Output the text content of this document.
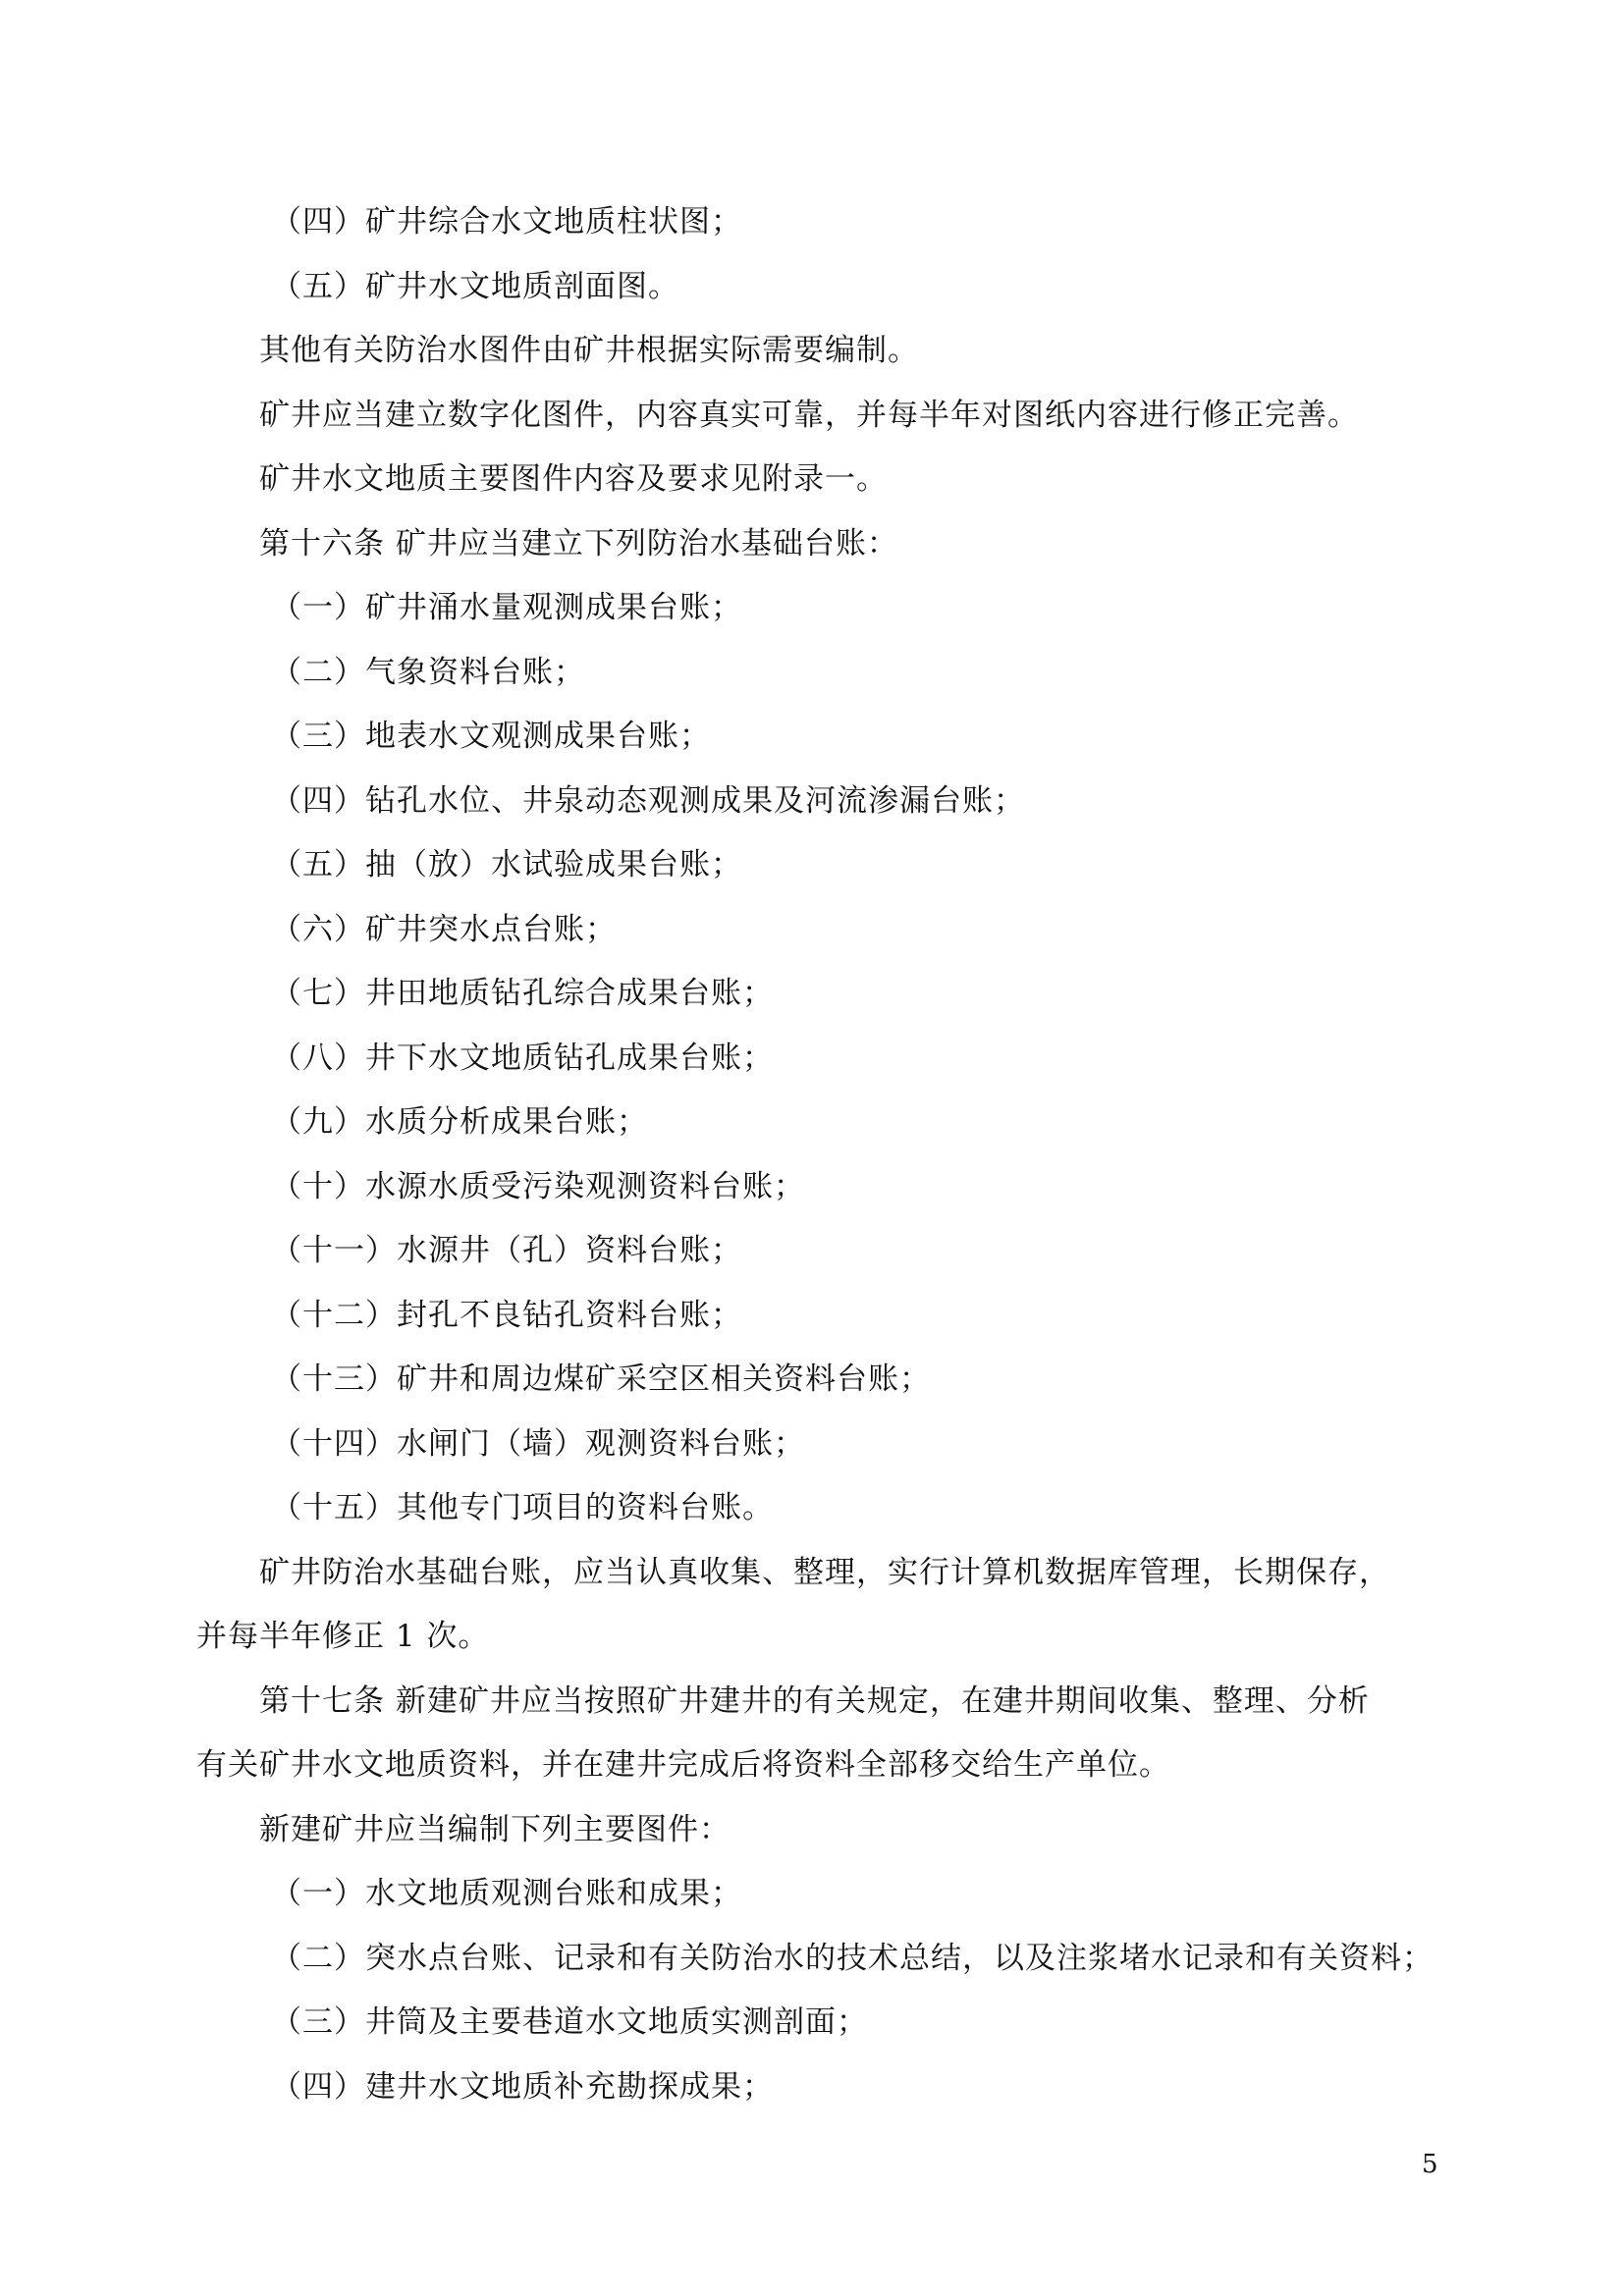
（四）矿井综合水文地质柱状图；
（五）矿井水文地质剖面图。
其他有关防治水图件由矿井根据实际需要编制。
矿井应当建立数字化图件，内容真实可靠，并每半年对图纸内容进行修正完善。
矿井水文地质主要图件内容及要求见附录一。
第十六条 矿井应当建立下列防治水基础台账：
（一）矿井涌水量观测成果台账；
（二）气象资料台账；
（三）地表水文观测成果台账；
（四）钻孔水位、井泉动态观测成果及河流渗漏台账；
（五）抽（放）水试验成果台账；
（六）矿井突水点台账；
（七）井田地质钻孔综合成果台账；
（八）井下水文地质钻孔成果台账；
（九）水质分析成果台账；
（十）水源水质受污染观测资料台账；
（十一）水源井（孔）资料台账；
（十二）封孔不良钻孔资料台账；
（十三）矿井和周边煤矿采空区相关资料台账；
（十四）水闸门（墙）观测资料台账；
（十五）其他专门项目的资料台账。
矿井防治水基础台账，应当认真收集、整理，实行计算机数据库管理，长期保存，
并每半年修正 1 次。
第十七条 新建矿井应当按照矿井建井的有关规定，在建井期间收集、整理、分析
有关矿井水文地质资料，并在建井完成后将资料全部移交给生产单位。
新建矿井应当编制下列主要图件：
（一）水文地质观测台账和成果；
（二）突水点台账、记录和有关防治水的技术总结，以及注浆堵水记录和有关资料；
（三）井筒及主要巷道水文地质实测剖面；
（四）建井水文地质补充勘探成果；
5
